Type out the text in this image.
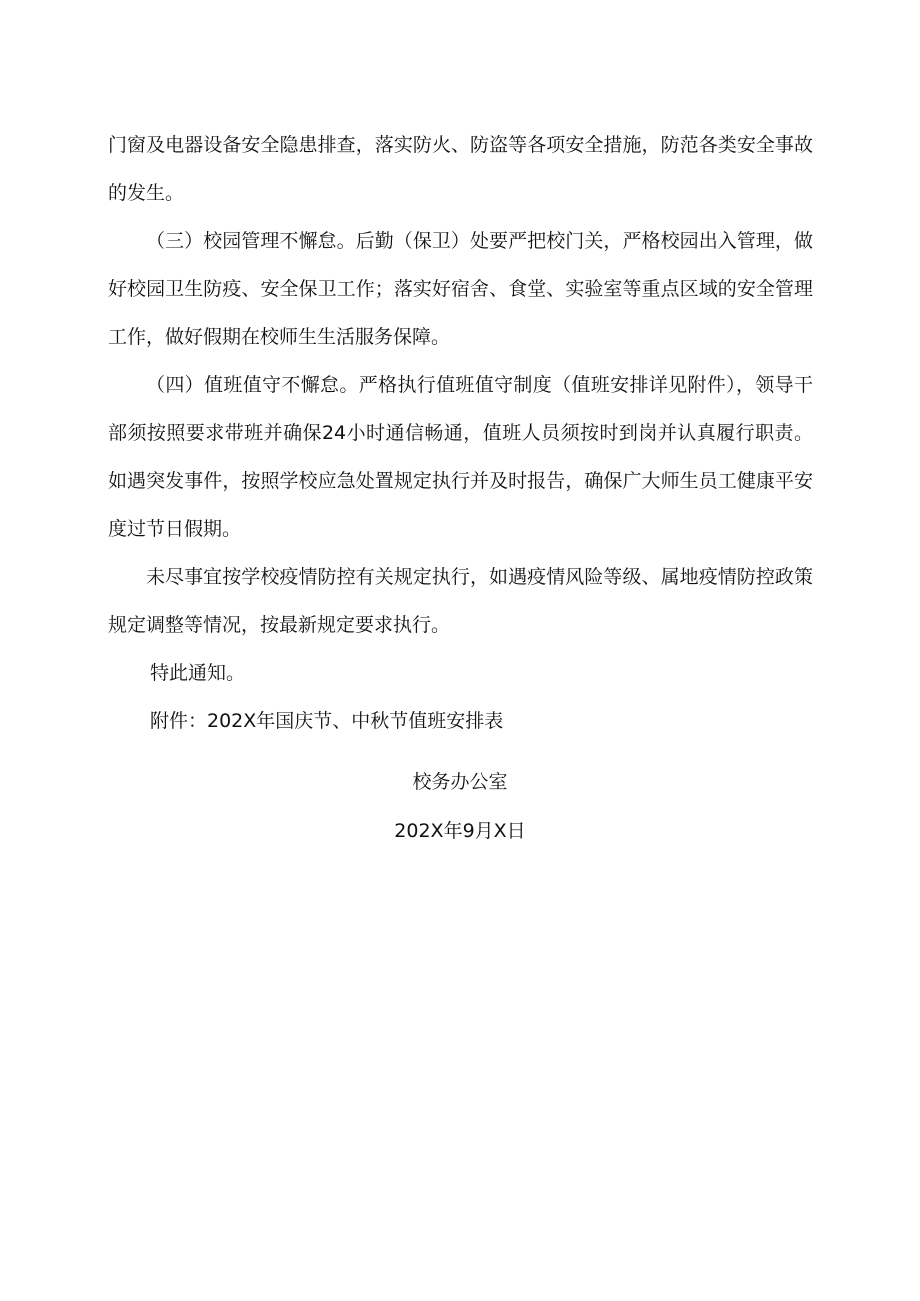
门窗及电器设备安全隐患排查，落实防火、防盗等各项安全措施，防范各类安全事故的发生。

（三）校园管理不懈怠。后勤（保卫）处要严把校门关，严格校园出入管理，做好校园卫生防疫、安全保卫工作；落实好宿舍、食堂、实验室等重点区域的安全管理工作，做好假期在校师生生活服务保障。

（四）值班值守不懈怠。严格执行值班值守制度（值班安排详见附件），领导干部须按照要求带班并确保24小时通信畅通，值班人员须按时到岗并认真履行职责。如遇突发事件，按照学校应急处置规定执行并及时报告，确保广大师生员工健康平安度过节日假期。

未尽事宜按学校疫情防控有关规定执行，如遇疫情风险等级、属地疫情防控政策规定调整等情况，按最新规定要求执行。

特此通知。

附件：202X年国庆节、中秋节值班安排表

校务办公室
202X年9月X日
